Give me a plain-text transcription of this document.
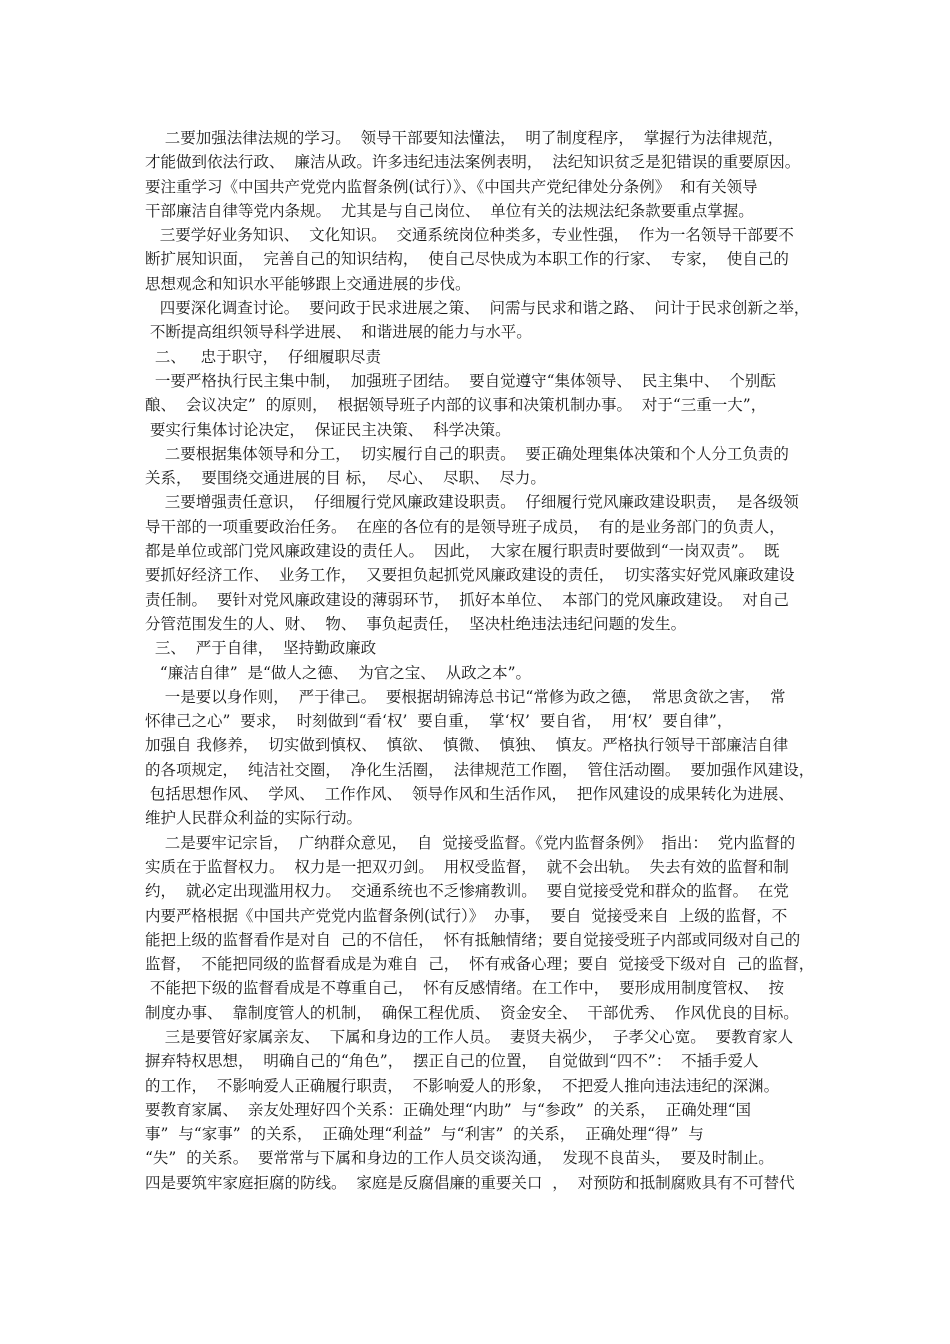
二要加强法律法规的学习。  领导干部要知法懂法，  明了制度程序，  掌握行为法律规范，
才能做到依法行政、  廉洁从政。许多违纪违法案例表明，  法纪知识贫乏是犯错误的重要原因。
要注重学习《中国共产党党内监督条例(试行）》、《中国共产党纪律处分条例》  和有关领导
干部廉洁自律等党内条规。  尤其是与自己岗位、  单位有关的法规法纪条款要重点掌握。
三要学好业务知识、  文化知识。  交通系统岗位种类多，专业性强，  作为一名领导干部要不
断扩展知识面，  完善自己的知识结构，  使自己尽快成为本职工作的行家、  专家，  使自己的
思想观念和知识水平能够跟上交通进展的步伐。
四要深化调查讨论。  要问政于民求进展之策、  问需与民求和谐之路、  问计于民求创新之举，
不断提高组织领导科学进展、  和谐进展的能力与水平。
二、   忠于职守，  仔细履职尽责
一要严格执行民主集中制，  加强班子团结。  要自觉遵守“集体领导、  民主集中、  个别酝
酿、  会议决定”  的原则，  根据领导班子内部的议事和决策机制办事。  对于“三重一大”，
要实行集体讨论决定，  保证民主决策、  科学决策。
二要根据集体领导和分工，  切实履行自己的职责。  要正确处理集体决策和个人分工负责的
关系，  要围绕交通进展的目 标，  尽心、  尽职、  尽力。
三要增强责任意识，  仔细履行党风廉政建设职责。  仔细履行党风廉政建设职责，  是各级领
导干部的一项重要政治任务。  在座的各位有的是领导班子成员，  有的是业务部门的负责人，
都是单位或部门党风廉政建设的责任人。  因此，  大家在履行职责时要做到“一岗双责”。  既
要抓好经济工作、  业务工作，  又要担负起抓党风廉政建设的责任，  切实落实好党风廉政建设
责任制。  要针对党风廉政建设的薄弱环节，  抓好本单位、  本部门的党风廉政建设。  对自己
分管范围发生的人、财、  物、  事负起责任，  坚决杜绝违法违纪问题的发生。
三、  严于自律，  坚持勤政廉政
“廉洁自律”  是“做人之德、  为官之宝、  从政之本”。
一是要以身作则，  严于律己。  要根据胡锦涛总书记“常修为政之德，  常思贪欲之害，  常
怀律己之心”  要求，  时刻做到“看‘权’  要自重，  掌‘权’  要自省，  用‘权’  要自律”，
加强自 我修养，  切实做到慎权、  慎欲、  慎微、  慎独、  慎友。严格执行领导干部廉洁自律
的各项规定，  纯洁社交圈，  净化生活圈，  法律规范工作圈，  管住活动圈。  要加强作风建设，
包括思想作风、  学风、  工作作风、  领导作风和生活作风，  把作风建设的成果转化为进展、
维护人民群众利益的实际行动。
二是要牢记宗旨，  广纳群众意见，  自  觉接受监督。《党内监督条例》  指出：  党内监督的
实质在于监督权力。  权力是一把双刃剑。  用权受监督，  就不会出轨。  失去有效的监督和制
约，  就必定出现滥用权力。  交通系统也不乏惨痛教训。  要自觉接受党和群众的监督。  在党
内要严格根据《中国共产党党内监督条例(试行）》  办事，  要自  觉接受来自  上级的监督，不
能把上级的监督看作是对自  己的不信任，  怀有抵触情绪；要自觉接受班子内部或同级对自己的
监督，  不能把同级的监督看成是为难自  己，  怀有戒备心理；要自  觉接受下级对自  己的监督，
不能把下级的监督看成是不尊重自己，  怀有反感情绪。在工作中，  要形成用制度管权、  按
制度办事、  靠制度管人的机制，  确保工程优质、  资金安全、  干部优秀、  作风优良的目标。
三是要管好家属亲友、  下属和身边的工作人员。  妻贤夫祸少，  子孝父心宽。  要教育家人
摒弃特权思想，  明确自己的“角色”，  摆正自己的位置，  自觉做到“四不”：  不插手爱人
的工作，  不影响爱人正确履行职责，  不影响爱人的形象，  不把爱人推向违法违纪的深渊。
要教育家属、  亲友处理好四个关系：正确处理“内助”  与“参政”  的关系，  正确处理“国
事”  与“家事”  的关系，  正确处理“利益”  与“利害”  的关系，  正确处理“得”  与
“失”  的关系。  要常常与下属和身边的工作人员交谈沟通，  发现不良苗头，  要及时制止。
四是要筑牢家庭拒腐的防线。  家庭是反腐倡廉的重要关口  ，  对预防和抵制腐败具有不可替代
